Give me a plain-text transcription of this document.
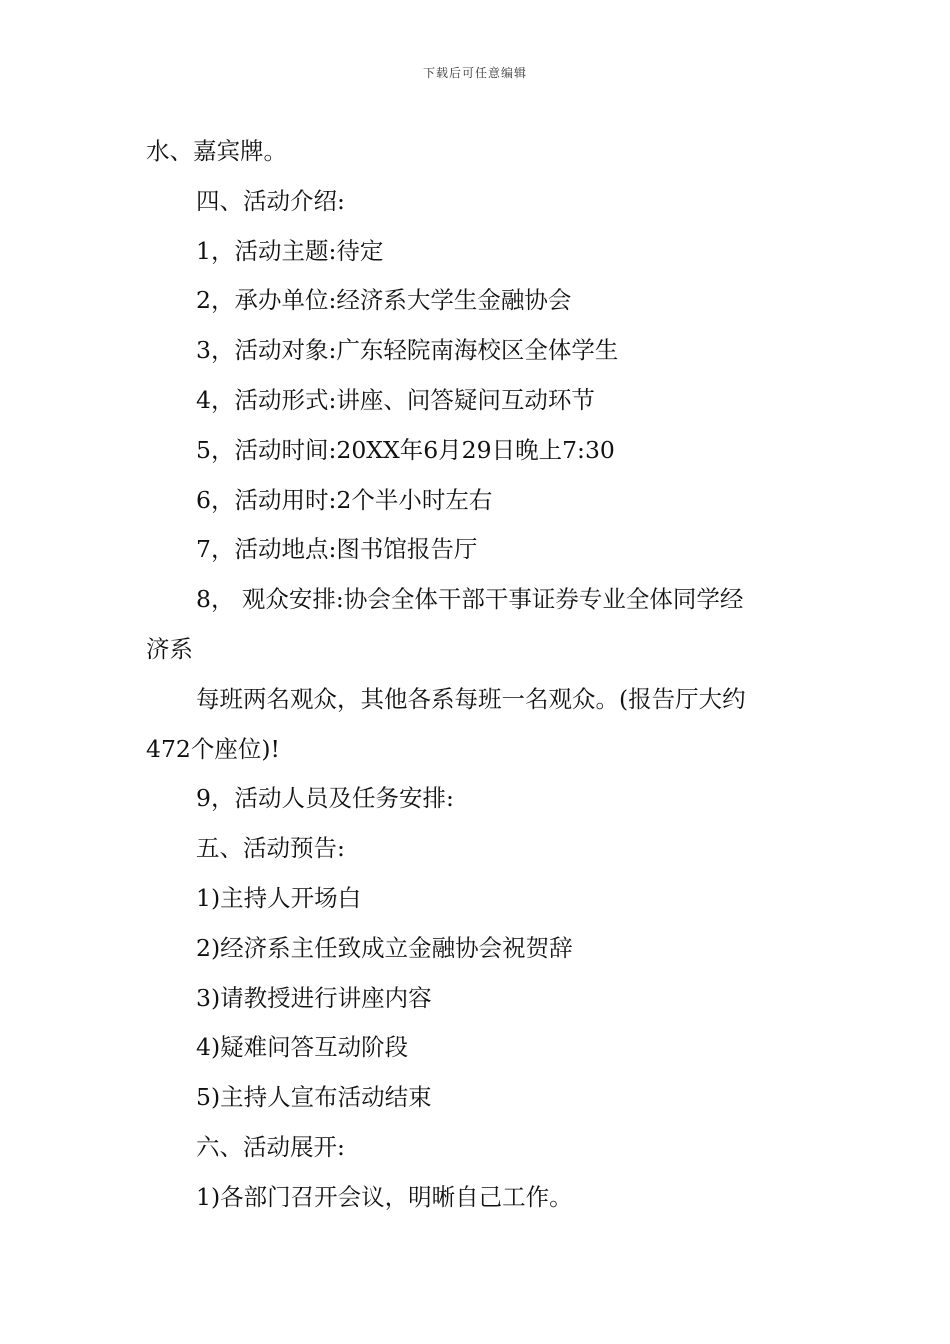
下载后可任意编辑
水、嘉宾牌。
四、活动介绍:
1，活动主题:待定
2，承办单位:经济系大学生金融协会
3，活动对象:广东轻院南海校区全体学生
4，活动形式:讲座、问答疑问互动环节
5，活动时间:20XX年6月29日晚上7:30
6，活动用时:2个半小时左右
7，活动地点:图书馆报告厅
8， 观众安排:协会全体干部干事证券专业全体同学经
济系
每班两名观众，其他各系每班一名观众。(报告厅大约
472个座位)!
9，活动人员及任务安排:
五、活动预告:
1)主持人开场白
2)经济系主任致成立金融协会祝贺辞
3)请教授进行讲座内容
4)疑难问答互动阶段
5)主持人宣布活动结束
六、活动展开:
1)各部门召开会议，明晰自己工作。
